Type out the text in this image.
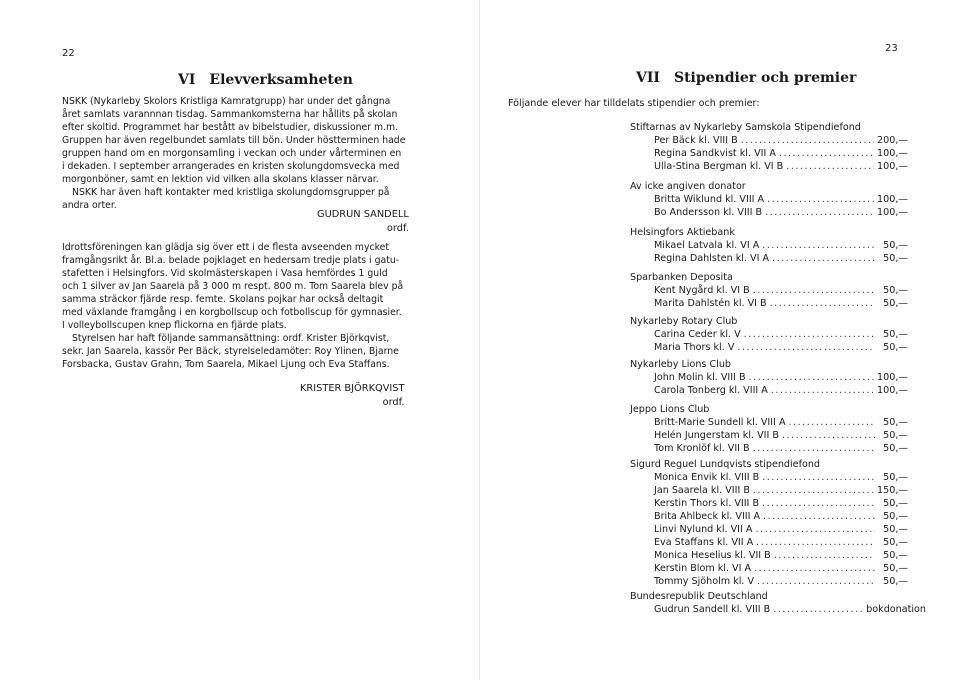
22
VI Elevverksamheten
NSKK (Nykarleby Skolors Kristliga Kamratgrupp) har under det gångna
året samlats varannnan tisdag. Sammankomsterna har hållits på skolan
efter skoltid. Programmet har bestått av bibelstudier, diskussioner m.m.
Gruppen har även regelbundet samlats till bön. Under höstterminen hade
gruppen hand om en morgonsamling i veckan och under vårterminen en
i dekaden. I september arrangerades en kristen skolungdomsvecka med
morgonböner, samt en lektion vid vilken alla skolans klasser närvar.
NSKK har även haft kontakter med kristliga skolungdomsgrupper på
andra orter.
GUDRUN SANDELL
ordf.
Idrottsföreningen kan glädja sig över ett i de flesta avseenden mycket
framgångsrikt år. Bl.a. belade pojklaget en hedersam tredje plats i gatu-
stafetten i Helsingfors. Vid skolmästerskapen i Vasa hemfördes 1 guld
och 1 silver av Jan Saarela på 3 000 m respt. 800 m. Tom Saarela blev på
samma sträckor fjärde resp. femte. Skolans pojkar har också deltagit
med växlande framgång i en korgbollscup och fotbollscup för gymnasier.
I volleybollscupen knep flickorna en fjärde plats.
Styrelsen har haft följande sammansättning: ordf. Krister Björkqvist,
sekr. Jan Saarela, kassör Per Bäck, styrelseledamöter: Roy Ylinen, Bjarne
Forsbacka, Gustav Grahn, Tom Saarela, Mikael Ljung och Eva Staffans.
KRISTER BJÖRKQVIST
ordf.
23
VII Stipendier och premier
Följande elever har tilldelats stipendier och premier:
Stiftarnas av Nykarleby Samskola Stipendiefond
Per Bäck kl. VIII B .....	200,—
Regina Sandkvist kl. VII A .....	100,—
Ulla-Stina Bergman kl. VI B .....	100,—
Av icke angiven donator
Britta Wiklund kl. VIII A .....	100,—
Bo Andersson kl. VIII B .....	100,—
Helsingfors Aktiebank
Mikael Latvala kl. VI A .....	50,—
Regina Dahlsten kl. VI A .....	50,—
Sparbanken Deposita
Kent Nygård kl. VI B .....	50,—
Marita Dahlstén kl. VI B .....	50,—
Nykarleby Rotary Club
Carina Ceder kl. V .....	50,—
Maria Thors kl. V .....	50,—
Nykarleby Lions Club
John Molin kl. VIII B .....	100,—
Carola Tonberg kl. VIII A .....	100,—
Jeppo Lions Club
Britt-Marie Sundell kl. VIII A .....	50,—
Helén Jungerstam kl. VII B .....	50,—
Tom Kronlöf kl. VII B .....	50,—
Sigurd Reguel Lundqvists stipendiefond
Monica Envik kl. VIII B .....	50,—
Jan Saarela kl. VIII B .....	150,—
Kerstin Thors kl. VIII B .....	50,—
Brita Ahlbeck kl. VIII A .....	50,—
Linvi Nylund kl. VII A .....	50,—
Eva Staffans kl. VII A .....	50,—
Monica Heselius kl. VII B .....	50,—
Kerstin Blom kl. VI A .....	50,—
Tommy Sjöholm kl. V .....	50,—
Bundesrepublik Deutschland
Gudrun Sandell kl. VIII B .....	bokdonation
